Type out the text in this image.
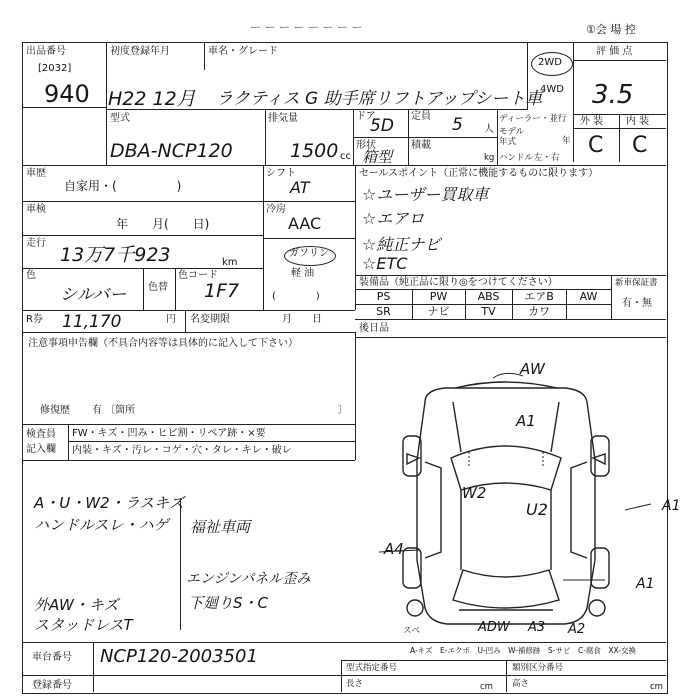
ー ー ー ー ー ー ー ー	①会 場 控
出品番号
[2032]
940
初度登録年月	車名・グレード
H22 12月 ラクティス G 助手席リフトアップシート車
2WD
4WD
評 価 点
3.5
外 装 内 装
C C
型式
DBA-NCP120
排気量
1500 cc
ドア
5D 定員 5 人
ディーラー・並行
モデル 年式	年
形状
箱型
積載
kg ハンドル 左・右
車歴
自家用・(　　　　　)
シフト
AT
車検
年　　月(　　日)
冷房
AAC
走行
13万7千923	km
ガソリン
軽 油
(　　　　)
色
シルバー 色替
色コード
1F7
R券 11,170	円 名変期限	月　　日
セールスポイント（正常に機能するものに限ります）
☆ユーザー買取車
☆エアロ
☆純正ナビ
☆ETC
装備品（純正品に限り◎をつけてください）
PS	PW	ABS	エアB	AW
SR	ナビ	TV	カワ
新車保証書
有・無
後日品
注意事項申告欄（不具合内容等は具体的に記入して下さい）
修復歴 有 〔箇所	〕
検査員
記入欄
FW・キズ・凹み・ヒビ割・リペア跡・×要
内装・キズ・汚レ・コゲ・穴・タレ・キレ・破レ
A・U・W2・ラスキズ
ハンドルスレ・ハゲ
外AW・キズ
スタッドレスT
福祉車両
エンジンパネル歪み
下廻りS・C
AW
A1
W2
U2
A4
A1
A1
ADW A3 A2
スペ
A-キズ　E-エクボ　U-凹み　W-補修跡　S-サビ　C-腐食　XX-交換
車台番号 NCP120-2003501
登録番号
型式指定番号	類別区分番号
長さ	cm 高さ	cm
